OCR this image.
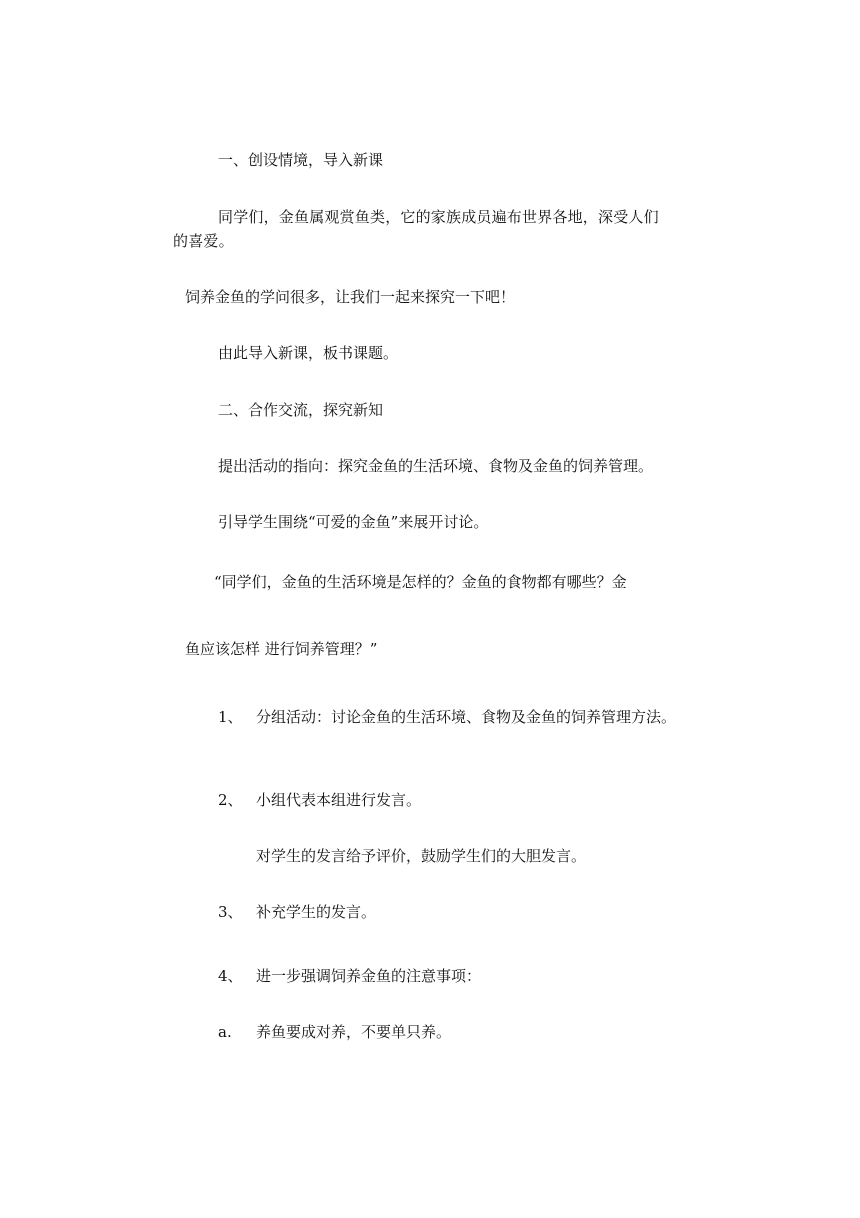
一、创设情境，导入新课
同学们，金鱼属观赏鱼类，它的家族成员遍布世界各地，深受人们的喜爱。
饲养金鱼的学问很多，让我们一起来探究一下吧！
由此导入新课，板书课题。
二、合作交流，探究新知
提出活动的指向：探究金鱼的生活环境、食物及金鱼的饲养管理。
引导学生围绕“可爱的金鱼”来展开讨论。
“同学们，金鱼的生活环境是怎样的？金鱼的食物都有哪些？金
鱼应该怎样 进行饲养管理？”
1、 分组活动：讨论金鱼的生活环境、食物及金鱼的饲养管理方法。
2、 小组代表本组进行发言。
对学生的发言给予评价，鼓励学生们的大胆发言。
3、 补充学生的发言。
4、 进一步强调饲养金鱼的注意事项：
a. 养鱼要成对养，不要单只养。
